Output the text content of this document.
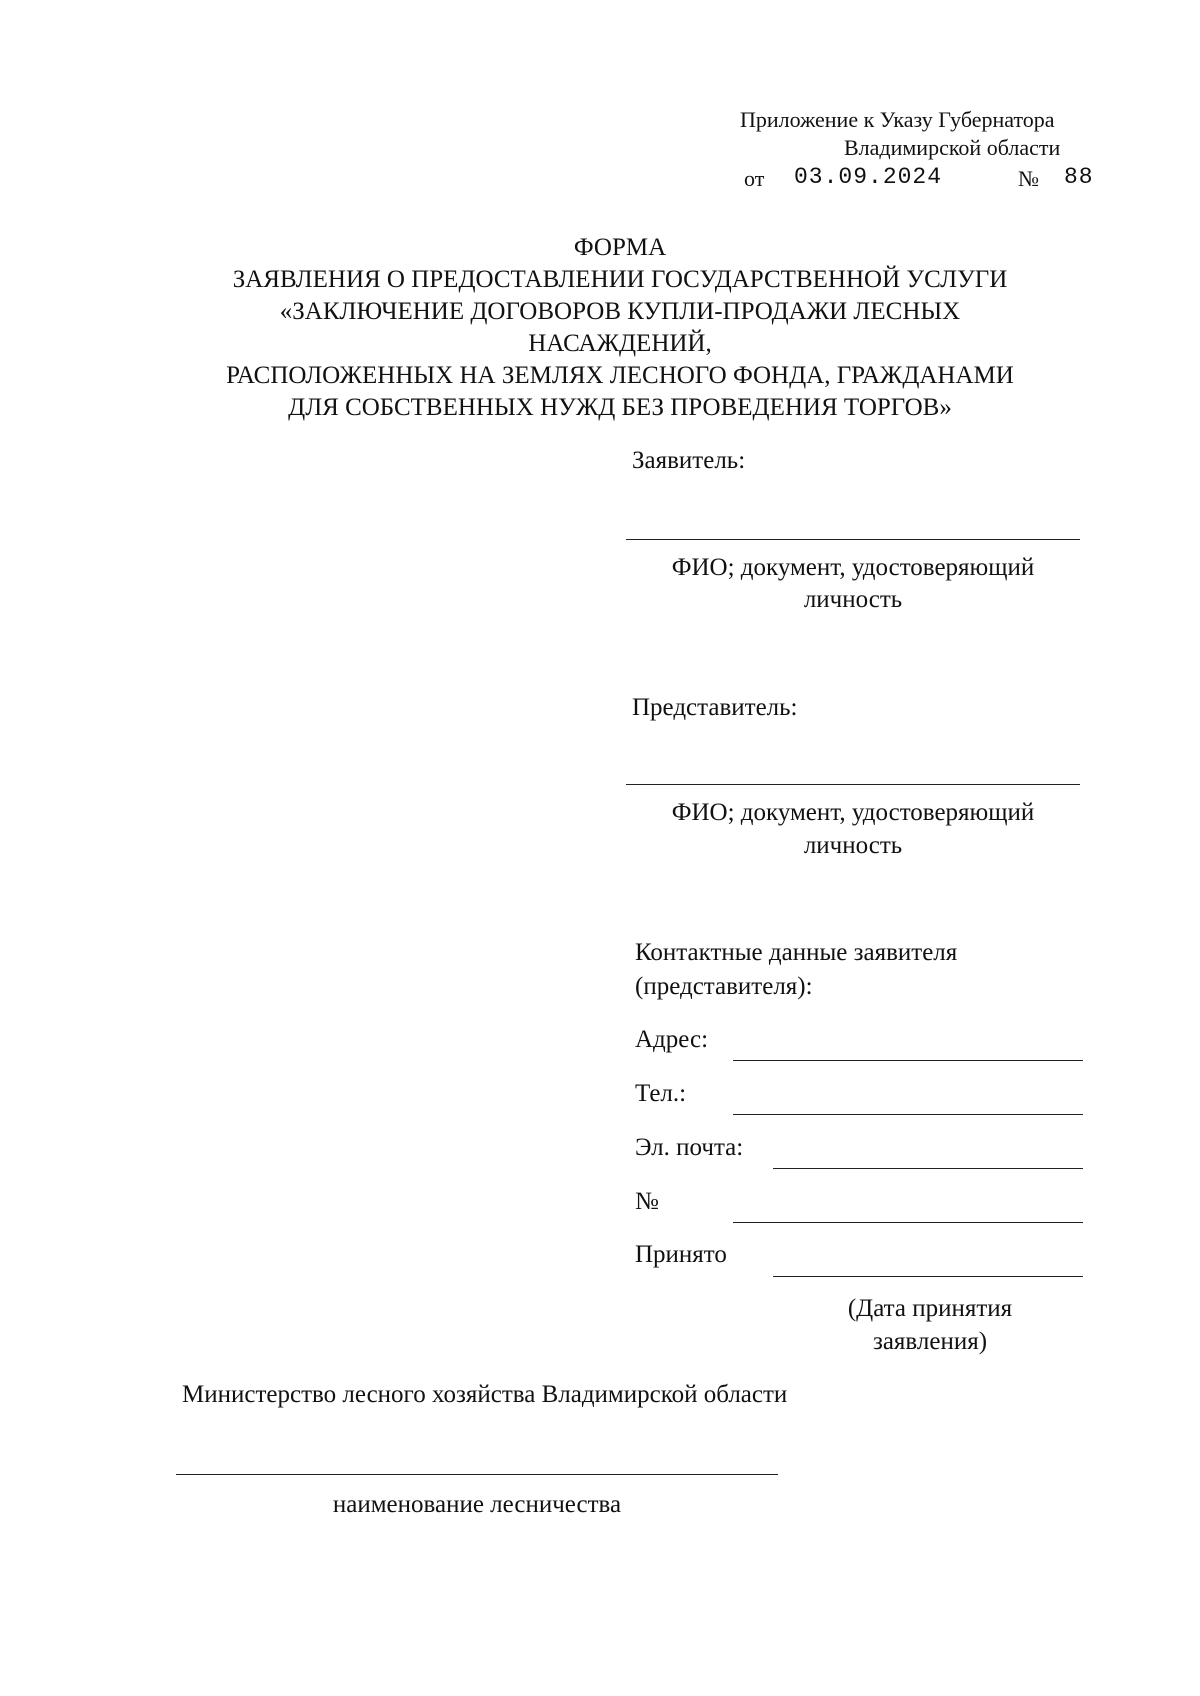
Приложение к Указу Губернатора
Владимирской области
от 03.09.2024	№ 88
ФОРМА
ЗАЯВЛЕНИЯ О ПРЕДОСТАВЛЕНИИ ГОСУДАРСТВЕННОЙ УСЛУГИ
«ЗАКЛЮЧЕНИЕ ДОГОВОРОВ КУПЛИ-ПРОДАЖИ ЛЕСНЫХ
НАСАЖДЕНИЙ,
РАСПОЛОЖЕННЫХ НА ЗЕМЛЯХ ЛЕСНОГО ФОНДА, ГРАЖДАНАМИ
ДЛЯ СОБСТВЕННЫХ НУЖД БЕЗ ПРОВЕДЕНИЯ ТОРГОВ»
Заявитель:
ФИО; документ, удостоверяющий
личность
Представитель:
ФИО; документ, удостоверяющий
личность
Контактные данные заявителя
(представителя):
Адрес:
Тел.:
Эл. почта:
№
Принято
(Дата принятия
заявления)
Министерство лесного хозяйства Владимирской области
наименование лесничества
